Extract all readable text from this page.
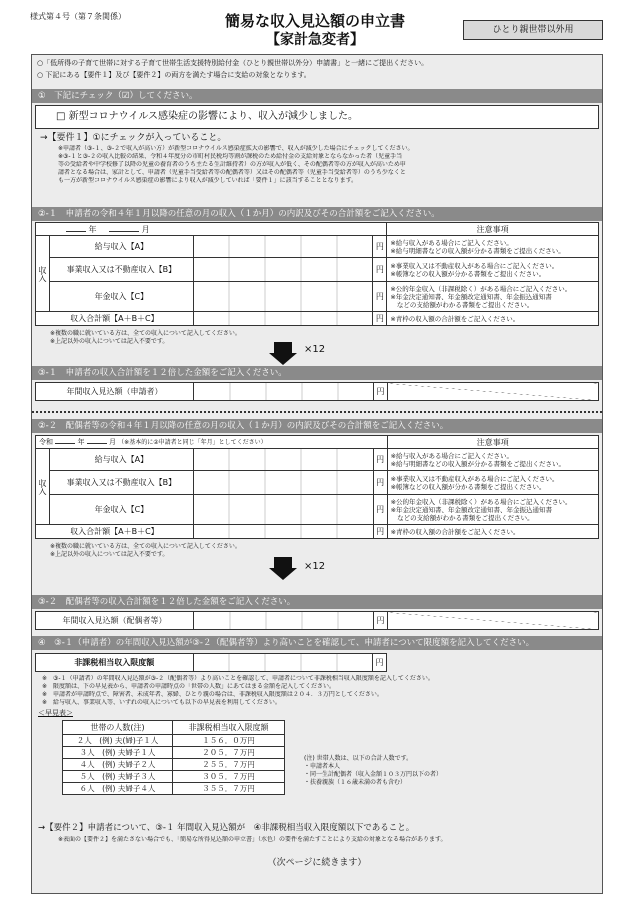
様式第４号（第７条関係）	簡易な収入見込額の申立書
【家計急変者】
ひとり親世帯以外用
○「低所得の子育て世帯に対する子育て世帯生活支援特別給付金（ひとり親世帯以外分）申請書」と一緒にご提出ください。
○ 下記にある【要件１】及び【要件２】の両方を満たす場合に支給の対象となります。
①　下記にチェック（☑）してください。
□ 新型コロナウイルス感染症の影響により、収入が減少しました。
→【要件１】①にチェックが入っていること。
※申請者（③-１、③-２で収入が高い方）が新型コロナウイルス感染症拡大の影響で、収入が減少した場合にチェックしてください。
※③-１と③-２の収入比較の結果、令和４年度分の市町村民税均等割が課税のため給付金の支給対象とならなかった者（児童手当
等の受給者や中学校修了以降の児童の養育者のうち主たる生計維持者）の方が収入が低く、その配偶者等の方が収入が高いため申
請者となる場合は、家計として、申請者（児童手当受給者等の配偶者等）又はその配偶者等（児童手当受給者等）のうち少なくと
も一方が新型コロナウイルス感染症の影響により収入が減少していれば「要件１」に該当することとなります。
②-１　申請者の令和４年１月以降の任意の月の収入（１か月）の内訳及びその合計額をご記入ください。
年 月				注意事項
収入	給与収入【A】		円	※給与収入がある場合にご記入ください。
※給与明細書などの収入額が分かる書類をご提出ください。

	事業収入又は不動産収入【B】		円	※事業収入又は不動産収入がある場合にご記入ください。
※帳簿などの収入額が分かる書類をご提出ください。

	年金収入【C】		円	※公的年金収入（非課税除く）がある場合にご記入ください。
※年金決定通知書、年金額改定通知書、年金振込通知書
　などの支給額がわかる書類をご提出ください。

収入合計額【A＋B＋C】			円	※青枠の収入額の合計額をご記入ください。
※複数の職に就いている方は、全ての収入について記入してください。
※上記以外の収入については記入不要です。
×12
③-１　申請者の収入合計額を１２倍した金額をご記入ください。
年間収入見込額（申請者）		円	
②-２　配偶者等の令和４年１月以降の任意の月の収入（１か月）の内訳及びその合計額をご記入ください。
令和 年 月 （※基本的に②申請者と同じ「年月」としてください）				注意事項
収入	給与収入【A】		円	※給与収入がある場合にご記入ください。
※給与明細書などの収入額が分かる書類をご提出ください。

	事業収入又は不動産収入【B】		円	※事業収入又は不動産収入がある場合にご記入ください。
※帳簿などの収入額が分かる書類をご提出ください。

	年金収入【C】		円	※公的年金収入（非課税除く）がある場合にご記入ください。
※年金決定通知書、年金額改定通知書、年金振込通知書
　などの支給額がわかる書類をご提出ください。

収入合計額【A＋B＋C】			円	※青枠の収入額の合計額をご記入ください。
※複数の職に就いている方は、全ての収入について記入してください。
※上記以外の収入については記入不要です。
×12
③-２　配偶者等の収入合計額を１２倍した金額をご記入ください。
年間収入見込額（配偶者等）		円	
④　③-１（申請者）の年間収入見込額が③-２（配偶者等）より高いことを確認して、申請者について限度額を記入してください。
非課税相当収入限度額		円
※　③-１（申請者）の年間収入見込額が③-２（配偶者等）より高いことを確認して、申請者について非課税相当収入限度額を記入してください。
※　限度額は、下の早見表から、申請者の申請時点の「世帯の人数」にあてはまる金額を記入してください。
※　申請者が申請時点で、障害者、未成年者、寡婦、ひとり親の場合は、非課税収入限度額は２０４．３万円としてください。
※　給与収入、事業収入等、いずれの収入についても以下の早見表を利用してください。
＜早見表＞
世帯の人数(注)	非課税相当収入限度額
２人　(例) 夫(婦)子１人	１５６．０万円
３人　(例) 夫婦子１人	２０５．７万円
４人　(例) 夫婦子２人	２５５．７万円
５人　(例) 夫婦子３人	３０５．７万円
６人　(例) 夫婦子４人	３５５．７万円
(注) 世帯人数は、以下の合計人数です。
・申請者本人
・同一生計配偶者（収入金額１０３万円以下の者）
・扶養親族（１６歳未満の者も含む）
→【要件２】申請者について、③-１ 年間収入見込額が　④非課税相当収入限度額以下であること。
※表面の【要件２】を満たさない場合でも、「簡易な所得見込額の申立書」（水色）の要件を満たすことにより支給の対象となる場合があります。
（次ページに続きます）
